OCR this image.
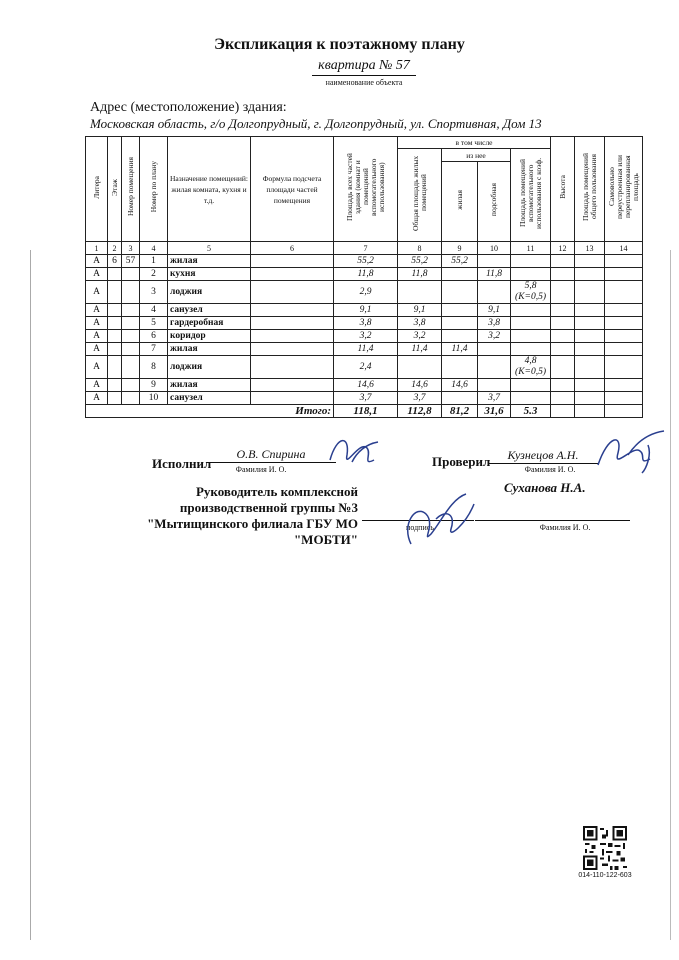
Экспликация к поэтажному плану
квартира № 57
наименование объекта
Адрес (местоположение) здания:
Московская область, г/о Долгопрудный, г. Долгопрудный, ул. Спортивная, Дом 13
Литера	Этаж	Номер помещения	Номер по плану	Назначение помещений: жилая комната, кухня и т.д.	Формула подсчета площади частей помещения	Площадь всех частей здания (комнат и помещений вспомогательного использования)	в том числе				Высота	Площадь помещений общего пользования	Самовольно переустроенная или перепланированная площадь
							Общая площадь жилых помещений	из нее		Площадь помещений вспомогательного использования с коэф.			
								жилая	подсобная				
1	2	3	4	5	6	7	8	9	10	11	12	13	14
А	6	57	1	жилая		55,2	55,2	55,2					
А			2	кухня		11,8	11,8		11,8				
А			3	лоджия		2,9				5,8 (K=0,5)			
А			4	санузел		9,1	9,1		9,1				
А			5	гардеробная		3,8	3,8		3,8				
А			6	коридор		3,2	3,2		3,2				
А			7	жилая		11,4	11,4	11,4					
А			8	лоджия		2,4				4,8 (K=0,5)			
А			9	жилая		14,6	14,6	14,6					
А			10	санузел		3,7	3,7		3,7				
Итого:						118,1	112,8	81,2	31,6	5.3			
Исполнил
О.В. Спирина
Фамилия И. О.
Проверил	Кузнецов А.Н.
Фамилия И. О.
Руководитель комплексной производственной группы №3 "Мытищинского филиала ГБУ МО "МОБТИ"
Суханова Н.А.
подпись	Фамилия И. О.
014-110-122-603
